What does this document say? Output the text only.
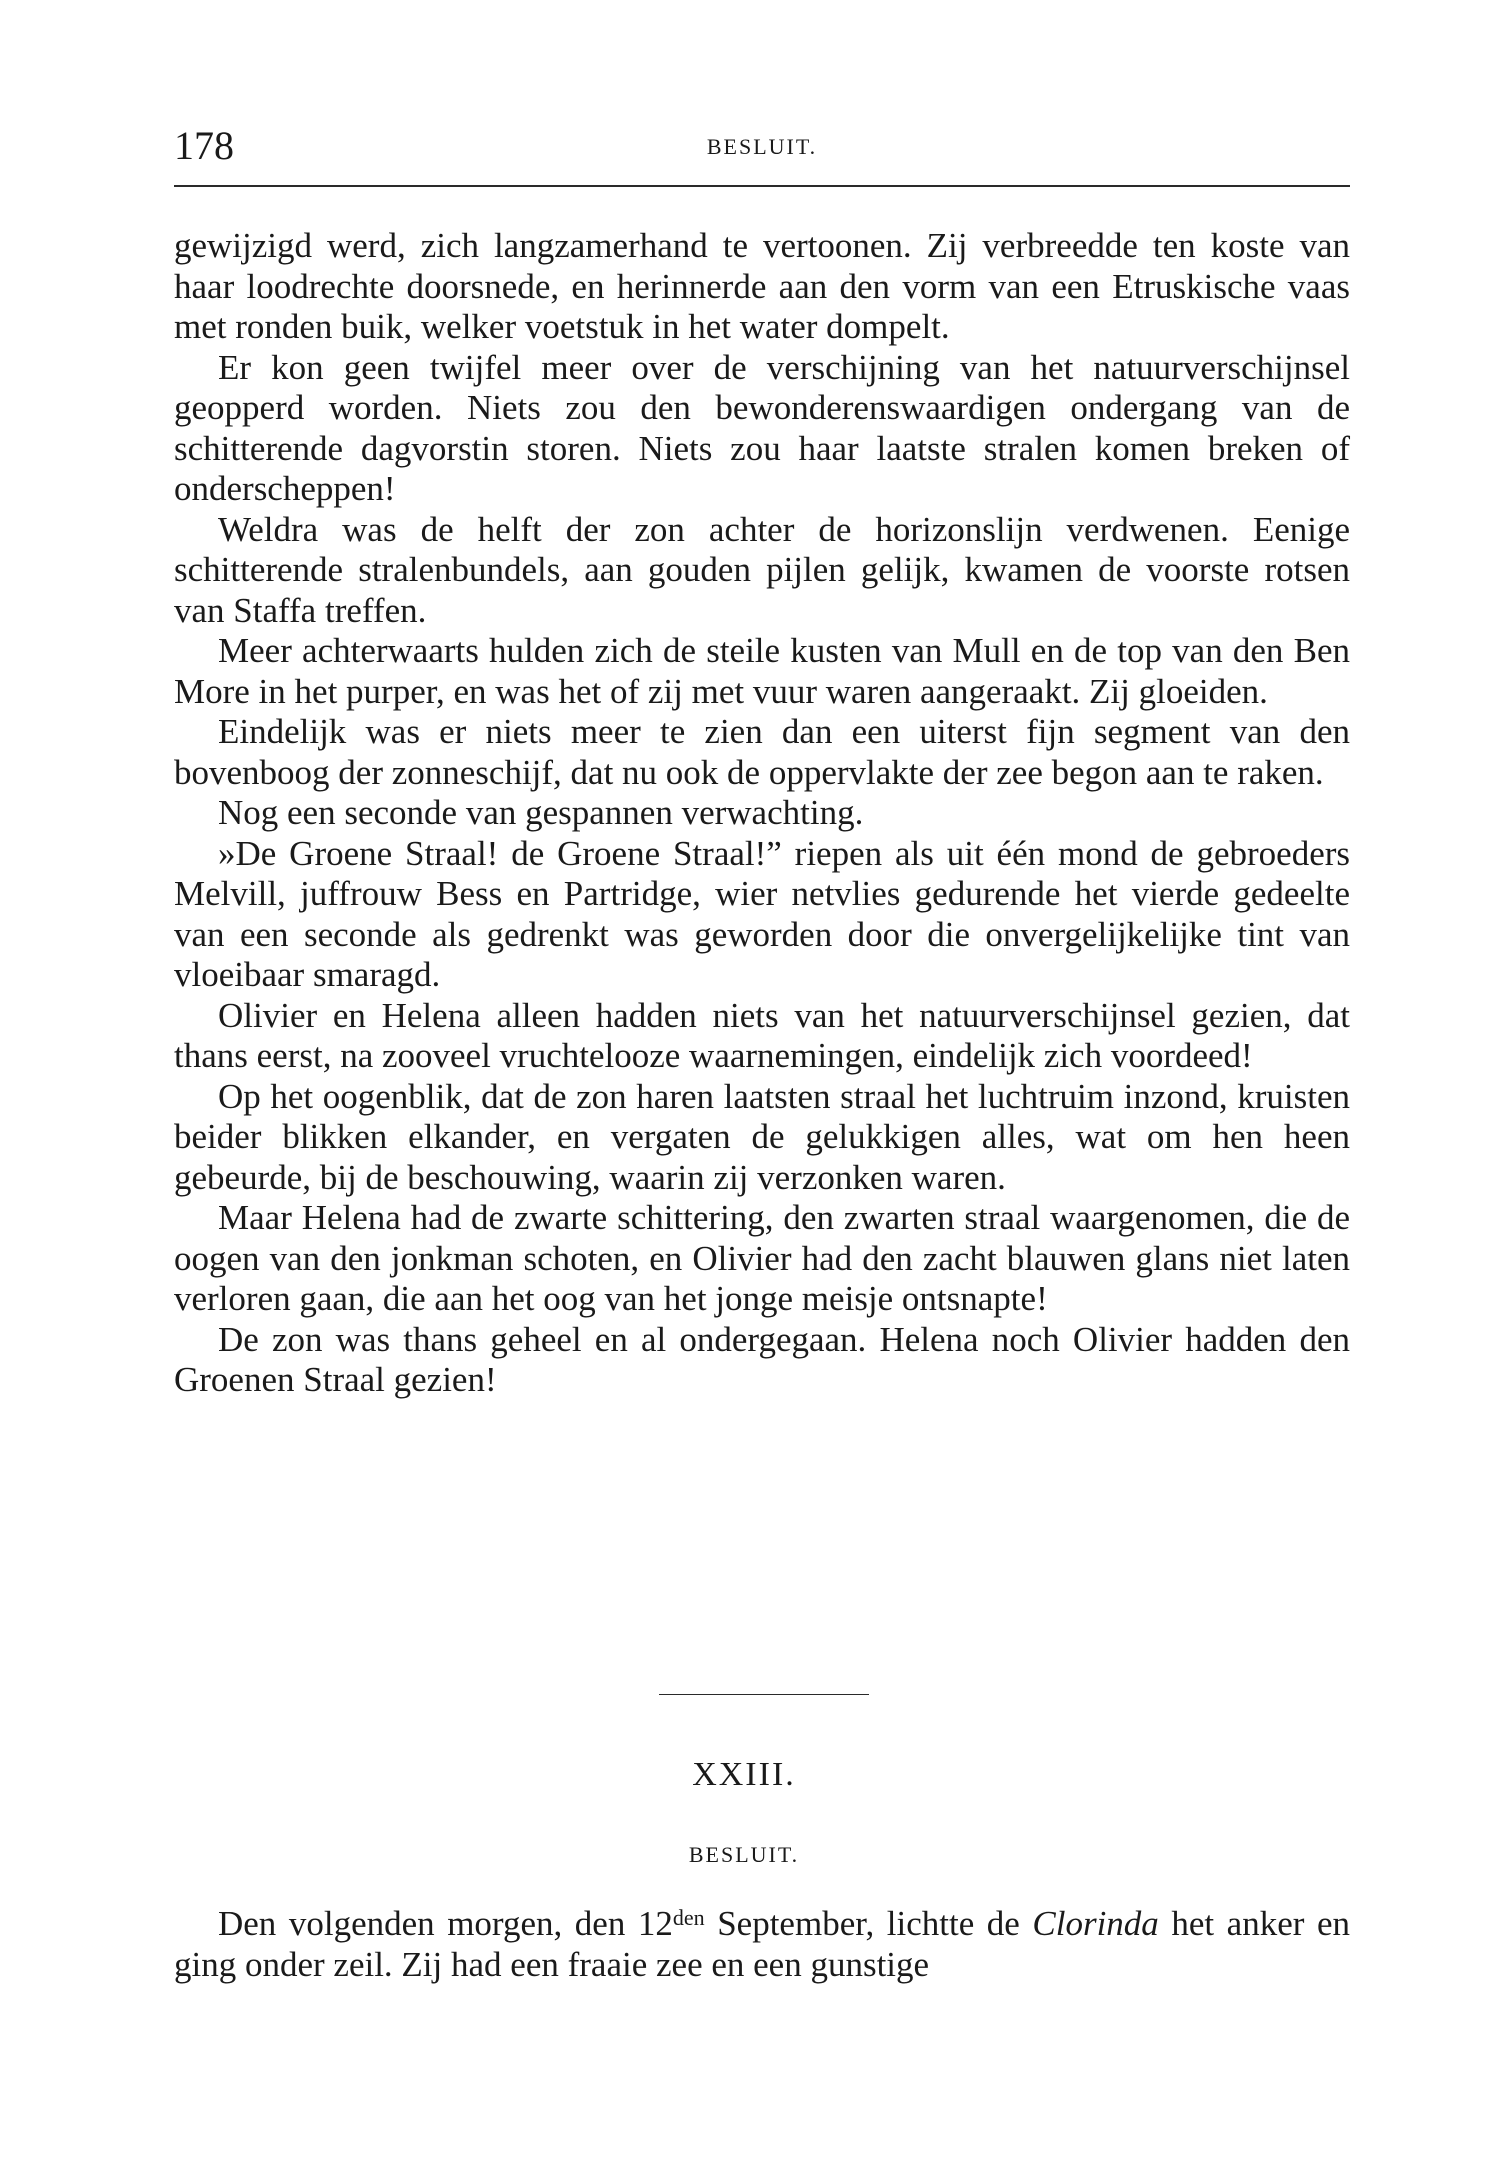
178	BESLUIT.

gewijzigd werd, zich langzamerhand te vertoonen. Zij verbreedde ten koste van haar loodrechte doorsnede, en herinnerde aan den vorm van een Etruskische vaas met ronden buik, welker voetstuk in het water dompelt.

Er kon geen twijfel meer over de verschijning van het natuurverschijnsel geopperd worden. Niets zou den bewonderenswaardigen ondergang van de schitterende dagvorstin storen. Niets zou haar laatste stralen komen breken of onderscheppen!

Weldra was de helft der zon achter de horizonslijn verdwenen. Eenige schitterende stralenbundels, aan gouden pijlen gelijk, kwamen de voorste rotsen van Staffa treffen.

Meer achterwaarts hulden zich de steile kusten van Mull en de top van den Ben More in het purper, en was het of zij met vuur waren aangeraakt. Zij gloeiden.

Eindelijk was er niets meer te zien dan een uiterst fijn segment van den bovenboog der zonneschijf, dat nu ook de oppervlakte der zee begon aan te raken.

Nog een seconde van gespannen verwachting.

»De Groene Straal! de Groene Straal!” riepen als uit één mond de gebroeders Melvill, juffrouw Bess en Partridge, wier netvlies gedurende het vierde gedeelte van een seconde als gedrenkt was geworden door die onvergelijkelijke tint van vloeibaar smaragd.

Olivier en Helena alleen hadden niets van het natuurverschijnsel gezien, dat thans eerst, na zooveel vruchtelooze waarnemingen, eindelijk zich voordeed!

Op het oogenblik, dat de zon haren laatsten straal het luchtruim inzond, kruisten beider blikken elkander, en vergaten de gelukkigen alles, wat om hen heen gebeurde, bij de beschouwing, waarin zij verzonken waren.

Maar Helena had de zwarte schittering, den zwarten straal waargenomen, die de oogen van den jonkman schoten, en Olivier had den zacht blauwen glans niet laten verloren gaan, die aan het oog van het jonge meisje ontsnapte!

De zon was thans geheel en al ondergegaan. Helena noch Olivier hadden den Groenen Straal gezien!

XXIII.
BESLUIT.

Den volgenden morgen, den $12^{den}$ September, lichtte de Clorinda het anker en ging onder zeil. Zij had een fraaie zee en een gunstige
